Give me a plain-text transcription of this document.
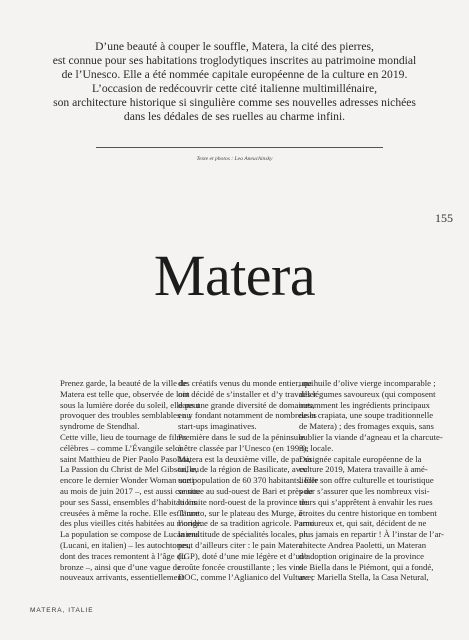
D’une beauté à couper le souffle, Matera, la cité des pierres,
est connue pour ses habitations troglodytiques inscrites au patrimoine mondial
de l’Unesco. Elle a été nommée capitale européenne de la culture en 2019.
L’occasion de redécouvrir cette cité italienne multimillénaire,
son architecture historique si singulière comme ses nouvelles adresses nichées
dans les dédales de ses ruelles au charme infini.
Texte et photos : Lea Aneuchinsky
155
Matera
Prenez garde, la beauté de la ville de
Matera est telle que, observée de loin
sous la lumière dorée du soleil, elle peut
provoquer des troubles semblables au
syndrome de Stendhal.
Cette ville, lieu de tournage de films
célèbres – comme L’Évangile selon
saint Matthieu de Pier Paolo Pasolini,
La Passion du Christ de Mel Gibson, ou
encore le dernier Wonder Woman sorti
au mois de juin 2017 –, est aussi connue
pour ses Sassi, ensembles d’habitations
creusées à même la roche. Elle est l’une
des plus vieilles cités habitées au monde.
La population se compose de Lucaniens
(Lucani, en italien) – les autochtones,
dont des traces remontent à l’âge du
bronze –, ainsi que d’une vague de
nouveaux arrivants, essentiellement
des créatifs venus du monde entier, qui
ont décidé de s’installer et d’y travailler
dans une grande diversité de domaines,
en y fondant notamment de nombreuses
start-ups imaginatives.
Première dans le sud de la péninsule
à être classée par l’Unesco (en 1993),
Matera est la deuxième ville, de par sa
taille, de la région de Basilicate, avec
une population de 60 370 habitants. Elle
se situe au sud-ouest de Bari et près de
la limite nord-ouest de la province de
Taranto, sur le plateau des Murge, à
l’origine de sa tradition agricole. Parmi
la multitude de spécialités locales, on
peut d’ailleurs citer : le pain Matera
(IGP), doté d’une mie légère et d’une
croûte foncée croustillante ; les vins
DOC, comme l’Aglianico del Vulture ;
une huile d’olive vierge incomparable ;
des légumes savoureux (qui composent
notamment les ingrédients principaux
de la crapiata, une soupe traditionnelle
de Matera) ; des fromages exquis, sans
oublier la viande d’agneau et la charcute-
rie locale.
Désignée capitale européenne de la
culture 2019, Matera travaille à amé-
liorer son offre culturelle et touristique
pour s’assurer que les nombreux visi-
teurs qui s’apprêtent à envahir les rues
étroites du centre historique en tombent
amoureux et, qui sait, décident de ne
plus jamais en repartir ! À l’instar de l’ar-
chitecte Andrea Paoletti, un Materan
d’adoption originaire de la province
de Biella dans le Piémont, qui a fondé,
avec Mariella Stella, la Casa Netural,
MATERA, ITALIE
